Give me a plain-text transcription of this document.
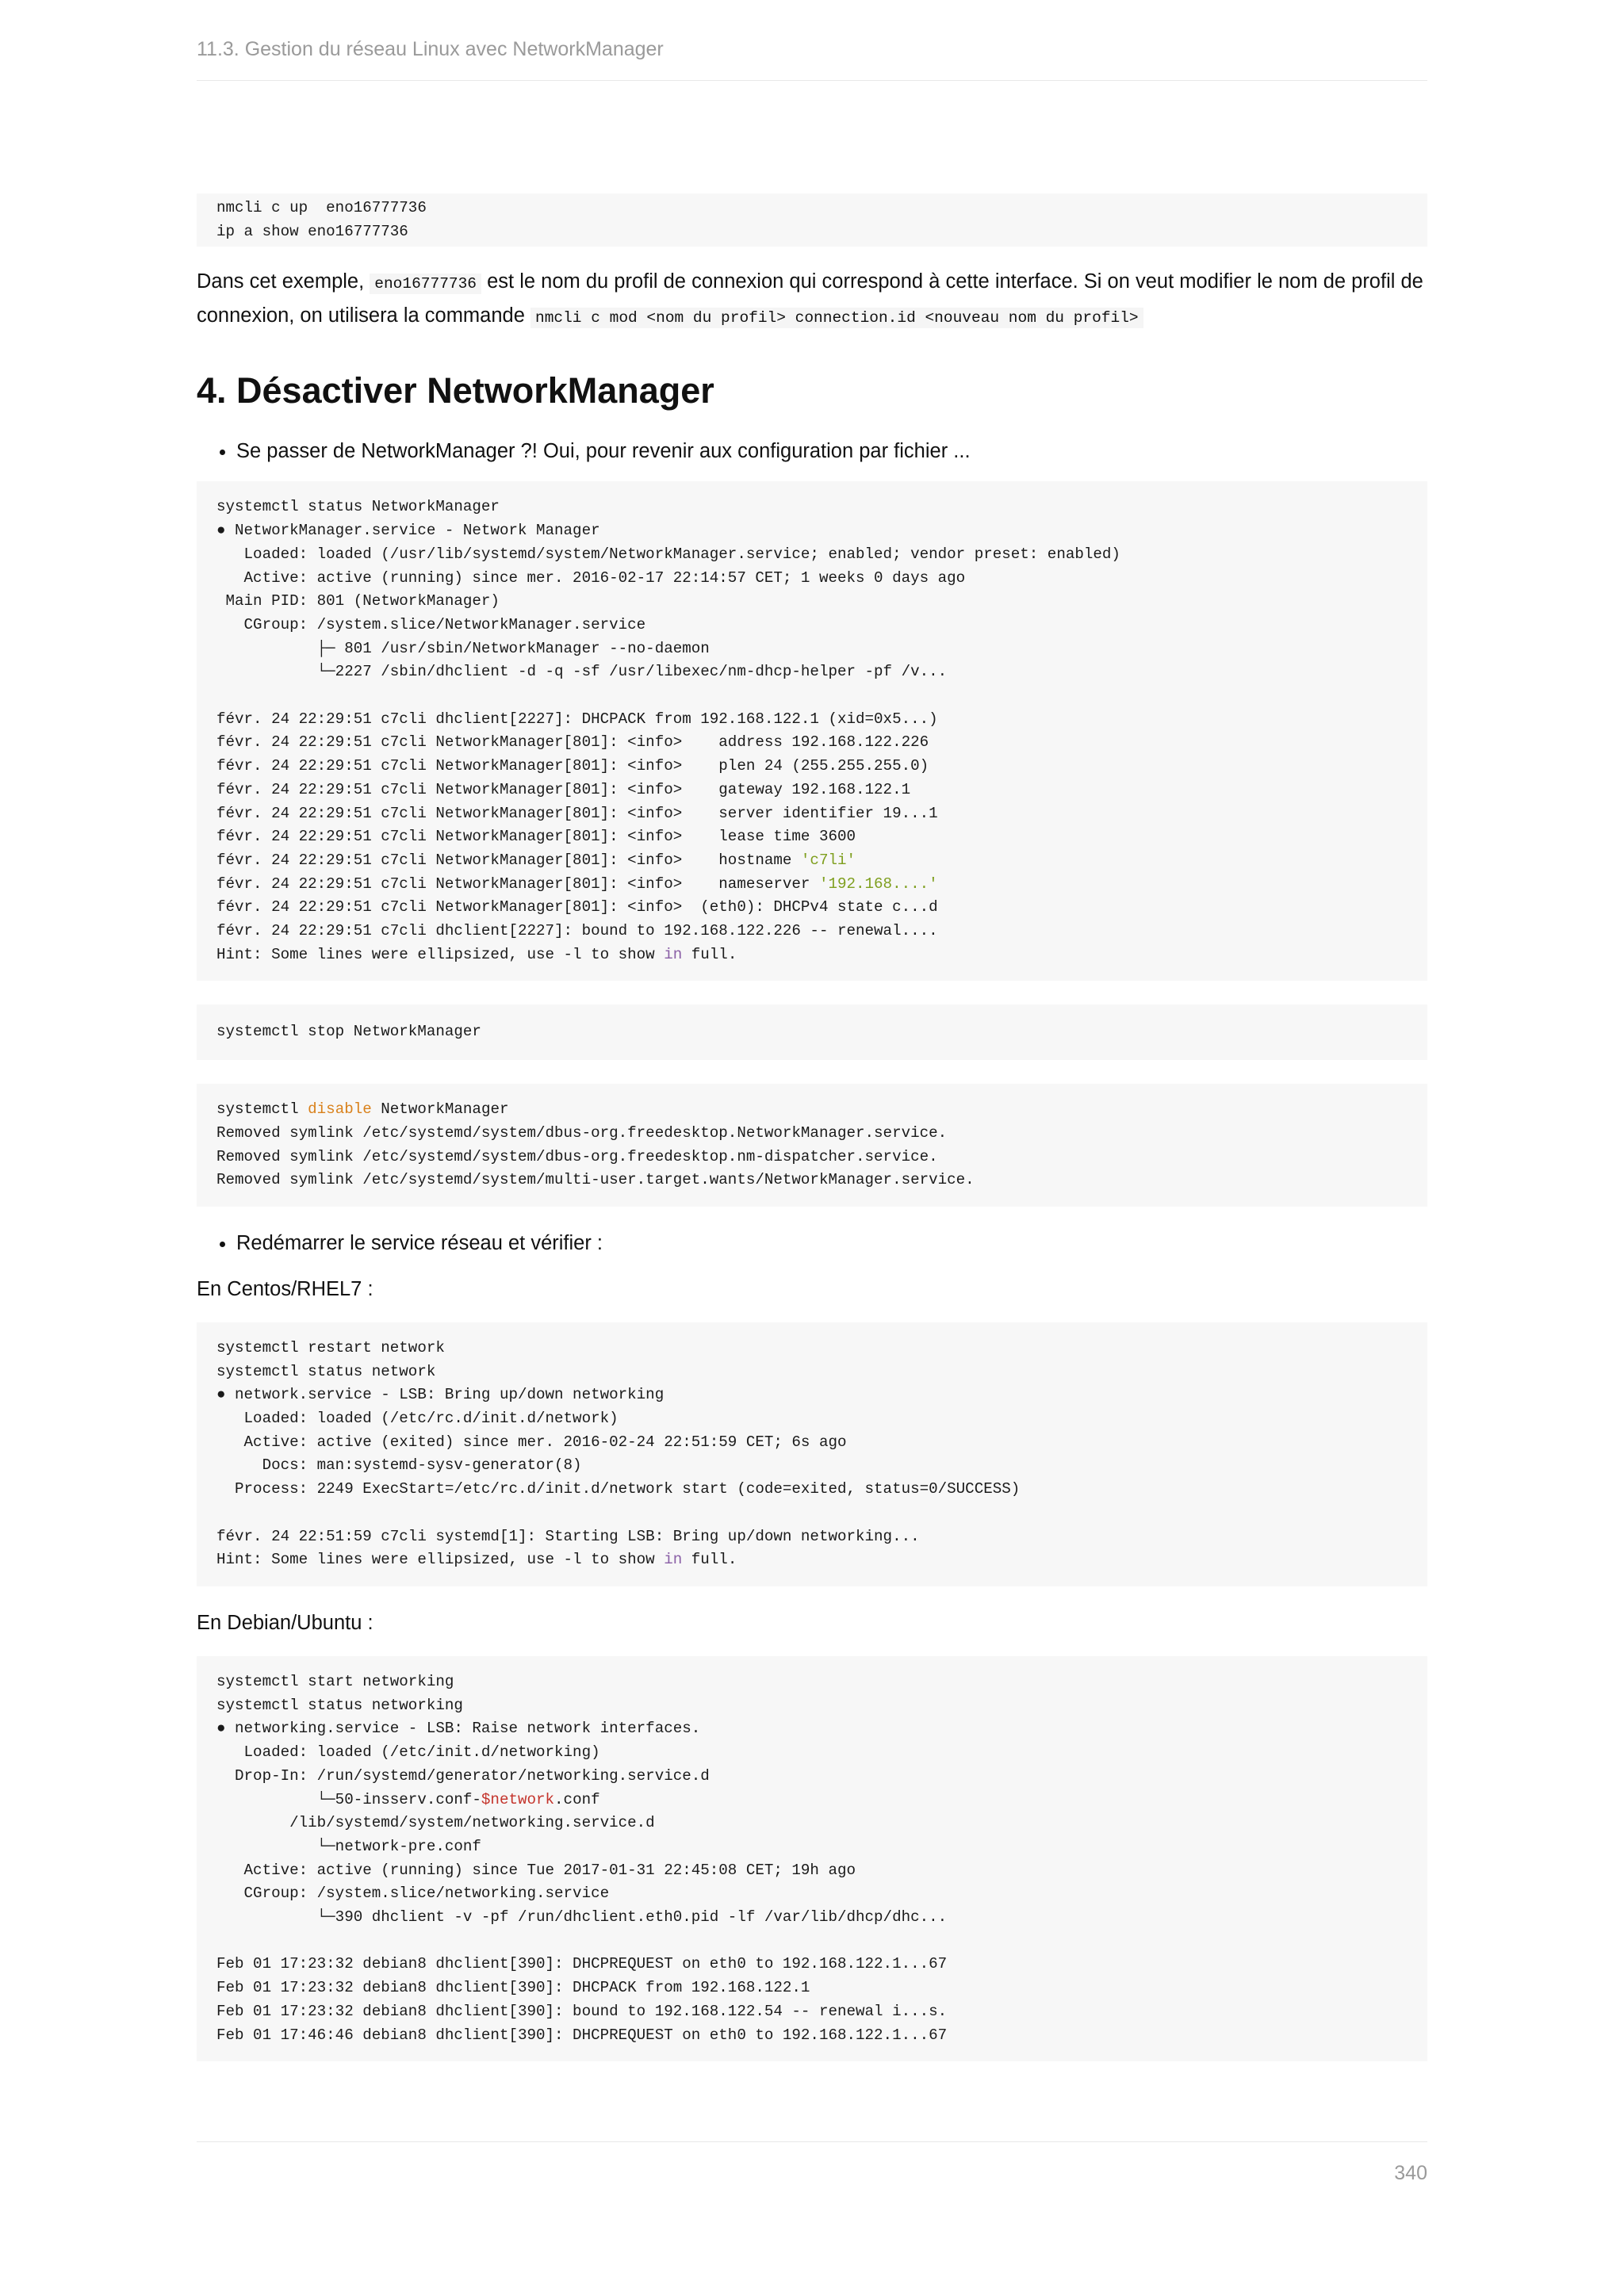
11.3. Gestion du réseau Linux avec NetworkManager
nmcli c up  eno16777736
ip a show eno16777736

Dans cet exemple, eno16777736 est le nom du profil de connexion qui correspond à cette interface. Si on veut modifier le nom de profil de connexion, on utilisera la commande nmcli c mod <nom du profil> connection.id <nouveau nom du profil>

4. Désactiver NetworkManager
• Se passer de NetworkManager ?! Oui, pour revenir aux configuration par fichier ...
systemctl status NetworkManager
● NetworkManager.service - Network Manager
Loaded: loaded (/usr/lib/systemd/system/NetworkManager.service; enabled; vendor preset: enabled)
Active: active (running) since mer. 2016-02-17 22:14:57 CET; 1 weeks 0 days ago
Main PID: 801 (NetworkManager)
CGroup: /system.slice/NetworkManager.service
├─ 801 /usr/sbin/NetworkManager --no-daemon
└─2227 /sbin/dhclient -d -q -sf /usr/libexec/nm-dhcp-helper -pf /v...
févr. 24 22:29:51 c7cli dhclient[2227]: DHCPACK from 192.168.122.1 (xid=0x5...)
févr. 24 22:29:51 c7cli NetworkManager[801]: <info>    address 192.168.122.226
févr. 24 22:29:51 c7cli NetworkManager[801]: <info>    plen 24 (255.255.255.0)
févr. 24 22:29:51 c7cli NetworkManager[801]: <info>    gateway 192.168.122.1
févr. 24 22:29:51 c7cli NetworkManager[801]: <info>    server identifier 19...1
févr. 24 22:29:51 c7cli NetworkManager[801]: <info>    lease time 3600
févr. 24 22:29:51 c7cli NetworkManager[801]: <info>    hostname 'c7li'
févr. 24 22:29:51 c7cli NetworkManager[801]: <info>    nameserver '192.168....'
févr. 24 22:29:51 c7cli NetworkManager[801]: <info>  (eth0): DHCPv4 state c...d
févr. 24 22:29:51 c7cli dhclient[2227]: bound to 192.168.122.226 -- renewal....
Hint: Some lines were ellipsized, use -l to show in full.
systemctl stop NetworkManager
systemctl disable NetworkManager
Removed symlink /etc/systemd/system/dbus-org.freedesktop.NetworkManager.service.
Removed symlink /etc/systemd/system/dbus-org.freedesktop.nm-dispatcher.service.
Removed symlink /etc/systemd/system/multi-user.target.wants/NetworkManager.service.
• Redémarrer le service réseau et vérifier :

En Centos/RHEL7 :

systemctl restart network
systemctl status network
● network.service - LSB: Bring up/down networking
Loaded: loaded (/etc/rc.d/init.d/network)
Active: active (exited) since mer. 2016-02-24 22:51:59 CET; 6s ago
Docs: man:systemd-sysv-generator(8)
Process: 2249 ExecStart=/etc/rc.d/init.d/network start (code=exited, status=0/SUCCESS)
févr. 24 22:51:59 c7cli systemd[1]: Starting LSB: Bring up/down networking...
Hint: Some lines were ellipsized, use -l to show in full.

En Debian/Ubuntu :

systemctl start networking
systemctl status networking
● networking.service - LSB: Raise network interfaces.
Loaded: loaded (/etc/init.d/networking)
Drop-In: /run/systemd/generator/networking.service.d
└─50-insserv.conf-$network.conf
/lib/systemd/system/networking.service.d
└─network-pre.conf
Active: active (running) since Tue 2017-01-31 22:45:08 CET; 19h ago
CGroup: /system.slice/networking.service
└─390 dhclient -v -pf /run/dhclient.eth0.pid -lf /var/lib/dhcp/dhc...
Feb 01 17:23:32 debian8 dhclient[390]: DHCPREQUEST on eth0 to 192.168.122.1...67
Feb 01 17:23:32 debian8 dhclient[390]: DHCPACK from 192.168.122.1
Feb 01 17:23:32 debian8 dhclient[390]: bound to 192.168.122.54 -- renewal i...s.
Feb 01 17:46:46 debian8 dhclient[390]: DHCPREQUEST on eth0 to 192.168.122.1...67
340
